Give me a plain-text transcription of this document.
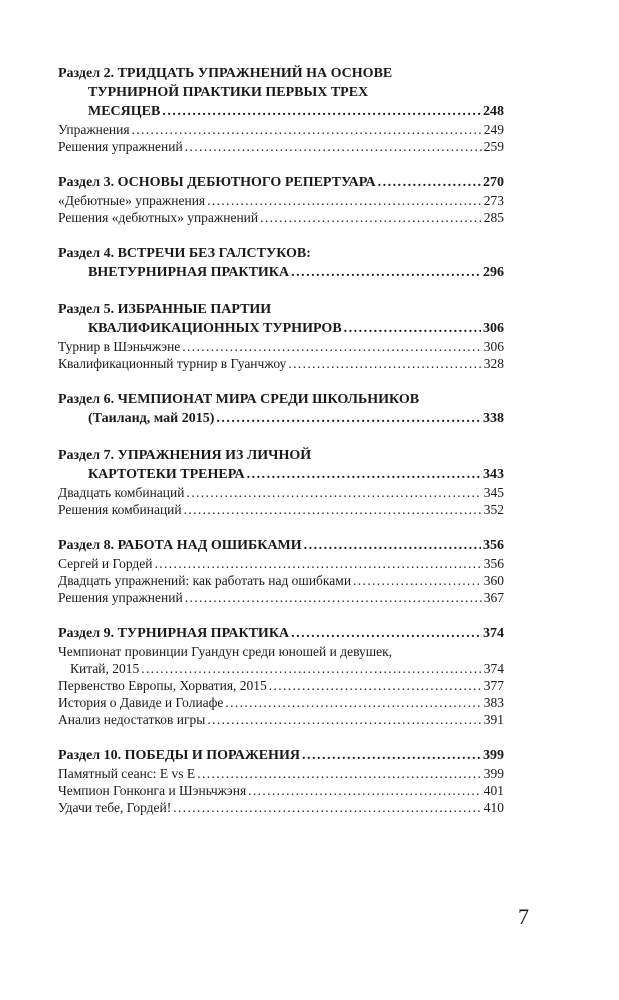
Раздел 2. ТРИДЦАТЬ УПРАЖНЕНИЙ НА ОСНОВЕ
ТУРНИРНОЙ ПРАКТИКИ ПЕРВЫХ ТРЕХ
МЕСЯЦЕВ . . .	248
Упражнения . . .	249
Решения упражнений . . .	259
Раздел 3. ОСНОВЫ ДЕБЮТНОГО РЕПЕРТУАРА . . .	270
«Дебютные» упражнения . . .	273
Решения «дебютных» упражнений . . .	285
Раздел 4. ВСТРЕЧИ БЕЗ ГАЛСТУКОВ:
ВНЕТУРНИРНАЯ ПРАКТИКА . . .	296
Раздел 5. ИЗБРАННЫЕ ПАРТИИ
КВАЛИФИКАЦИОННЫХ ТУРНИРОВ . . .	306
Турнир в Шэньчжэне . . .	306
Квалификационный турнир в Гуанчжоу . . .	328
Раздел 6. ЧЕМПИОНАТ МИРА СРЕДИ ШКОЛЬНИКОВ
(Таиланд, май 2015) . . .	338
Раздел 7. УПРАЖНЕНИЯ ИЗ ЛИЧНОЙ
КАРТОТЕКИ ТРЕНЕРА . . .	343
Двадцать комбинаций . . .	345
Решения комбинаций . . .	352
Раздел 8. РАБОТА НАД ОШИБКАМИ . . .	356
Сергей и Гордей . . .	356
Двадцать упражнений: как работать над ошибками . . .	360
Решения упражнений . . .	367
Раздел 9. ТУРНИРНАЯ ПРАКТИКА . . .	374
Чемпионат провинции Гуандун среди юношей и девушек,
Китай, 2015 . . .	374
Первенство Европы, Хорватия, 2015 . . .	377
История о Давиде и Голиафе . . .	383
Анализ недостатков игры . . .	391
Раздел 10. ПОБЕДЫ И ПОРАЖЕНИЯ . . .	399
Памятный сеанс: Е vs Е . . .	399
Чемпион Гонконга и Шэньчжэня . . .	401
Удачи тебе, Гордей! . . .	410
7
